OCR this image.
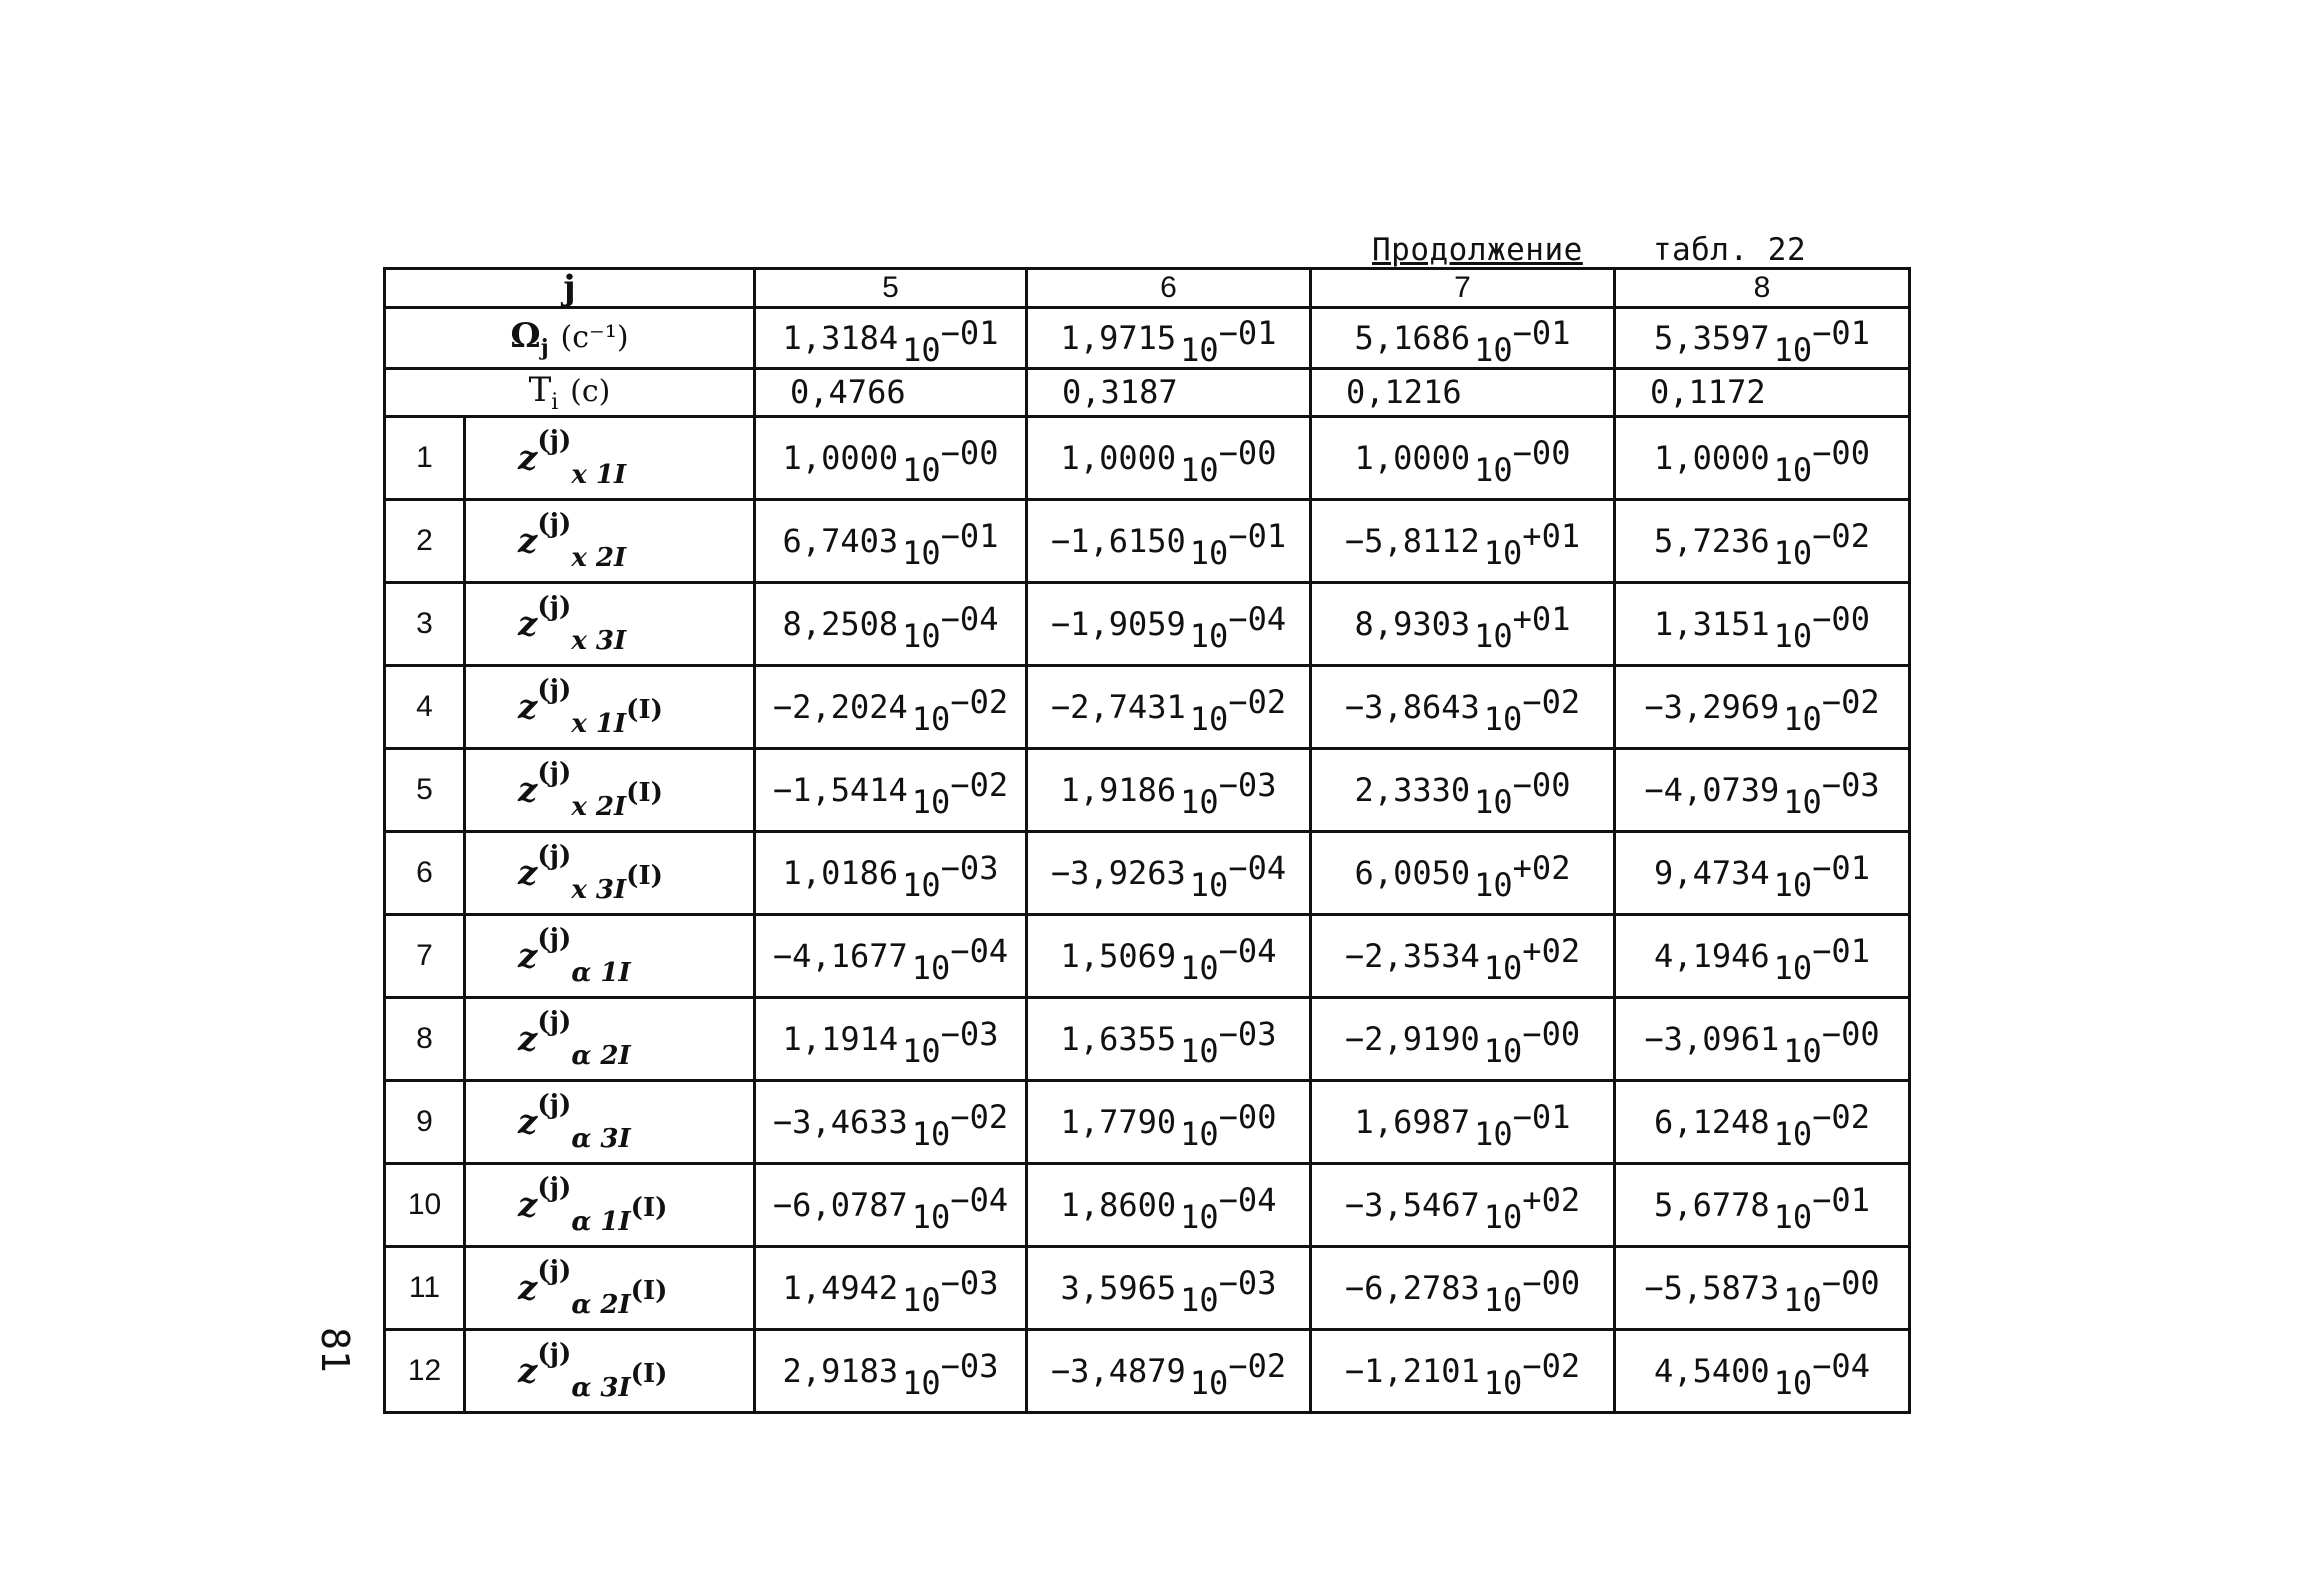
Продолжение табл. 22
81
j		5	6	7	8
$\Omega_j$ (c⁻¹)		1,3184 10−01	1,9715 10−01	5,1686 10−01	5,3597 10−01
$T_i$ (c)		0,4766	0,3187	0,1216	0,1172
1	$z^{(j)}_{x 1I}$	1,0000 10−00	1,0000 10−00	1,0000 10−00	1,0000 10−00
2	$z^{(j)}_{x 2I}$	6,7403 10−01	−1,6150 10−01	−5,8112 10+01	5,7236 10−02
3	$z^{(j)}_{x 3I}$	8,2508 10−04	−1,9059 10−04	8,9303 10+01	1,3151 10−00
4	$z^{(j)}_{x 1I}(I)$	−2,2024 10−02	−2,7431 10−02	−3,8643 10−02	−3,2969 10−02
5	$z^{(j)}_{x 2I}(I)$	−1,5414 10−02	1,9186 10−03	2,3330 10−00	−4,0739 10−03
6	$z^{(j)}_{x 3I}(I)$	1,0186 10−03	−3,9263 10−04	6,0050 10+02	9,4734 10−01
7	$z^{(j)}_{\alpha 1I}$	−4,1677 10−04	1,5069 10−04	−2,3534 10+02	4,1946 10−01
8	$z^{(j)}_{\alpha 2I}$	1,1914 10−03	1,6355 10−03	−2,9190 10−00	−3,0961 10−00
9	$z^{(j)}_{\alpha 3I}$	−3,4633 10−02	1,7790 10−00	1,6987 10−01	6,1248 10−02
10	$z^{(j)}_{\alpha 1I}(I)$	−6,0787 10−04	1,8600 10−04	−3,5467 10+02	5,6778 10−01
11	$z^{(j)}_{\alpha 2I}(I)$	1,4942 10−03	3,5965 10−03	−6,2783 10−00	−5,5873 10−00
12	$z^{(j)}_{\alpha 3I}(I)$	2,9183 10−03	−3,4879 10−02	−1,2101 10−02	4,5400 10−04
